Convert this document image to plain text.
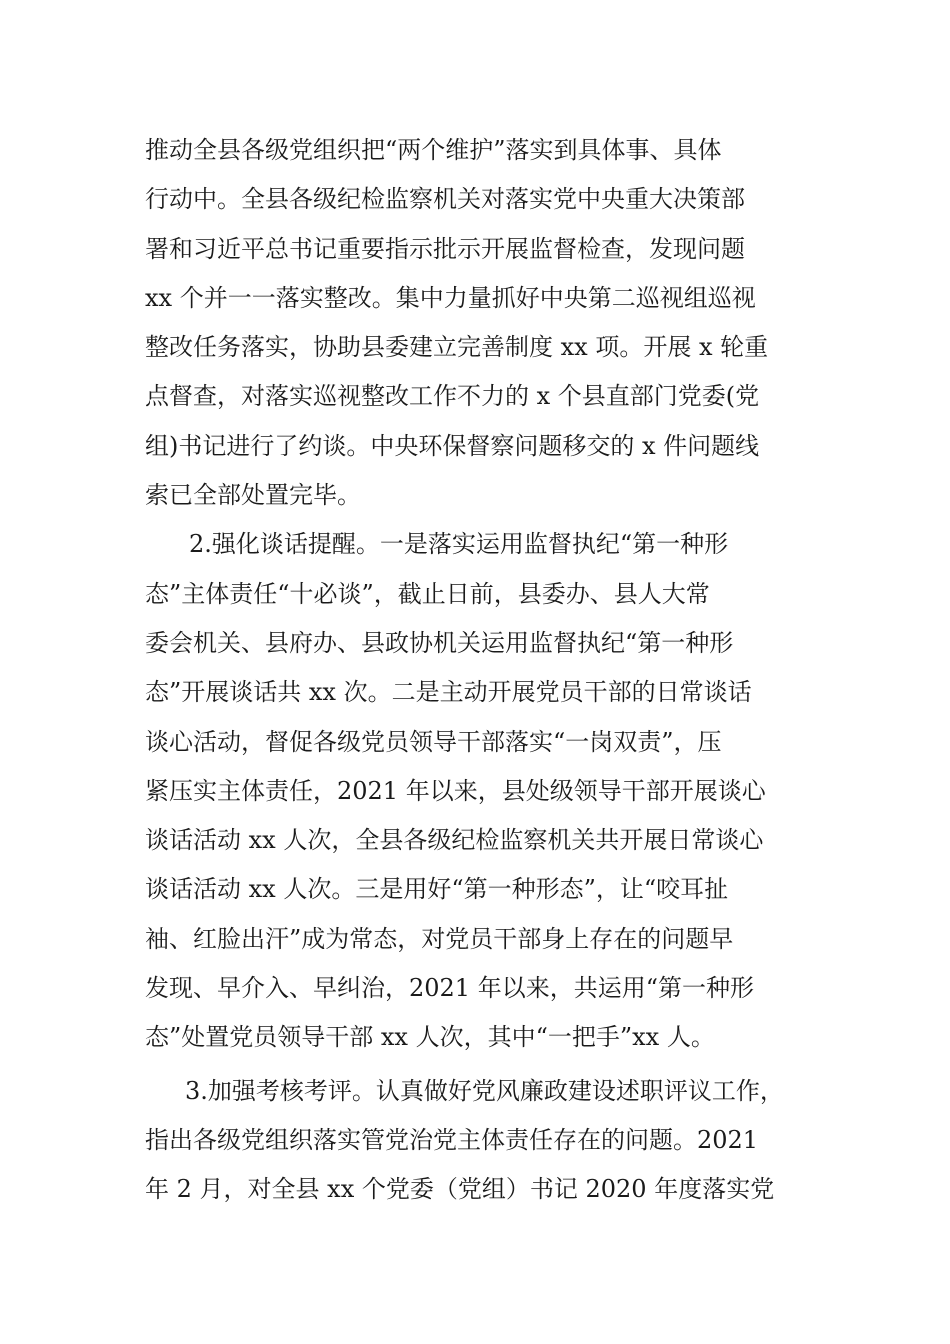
推动全县各级党组织把“两个维护”落实到具体事、具体
行动中。全县各级纪检监察机关对落实党中央重大决策部
署和习近平总书记重要指示批示开展监督检查，发现问题
xx 个并一一落实整改。集中力量抓好中央第二巡视组巡视
整改任务落实，协助县委建立完善制度 xx 项。开展 x 轮重
点督查，对落实巡视整改工作不力的 x 个县直部门党委(党
组)书记进行了约谈。中央环保督察问题移交的 x 件问题线
索已全部处置完毕。

2.强化谈话提醒。一是落实运用监督执纪“第一种形
态”主体责任“十必谈”，截止日前，县委办、县人大常
委会机关、县府办、县政协机关运用监督执纪“第一种形
态”开展谈话共 xx 次。二是主动开展党员干部的日常谈话
谈心活动，督促各级党员领导干部落实“一岗双责”，压
紧压实主体责任，2021 年以来，县处级领导干部开展谈心
谈话活动 xx 人次，全县各级纪检监察机关共开展日常谈心
谈话活动 xx 人次。三是用好“第一种形态”，让“咬耳扯
袖、红脸出汗”成为常态，对党员干部身上存在的问题早
发现、早介入、早纠治，2021 年以来，共运用“第一种形
态”处置党员领导干部 xx 人次，其中“一把手”xx 人。

3.加强考核考评。认真做好党风廉政建设述职评议工作，
指出各级党组织落实管党治党主体责任存在的问题。2021
年 2 月，对全县 xx 个党委（党组）书记 2020 年度落实党
